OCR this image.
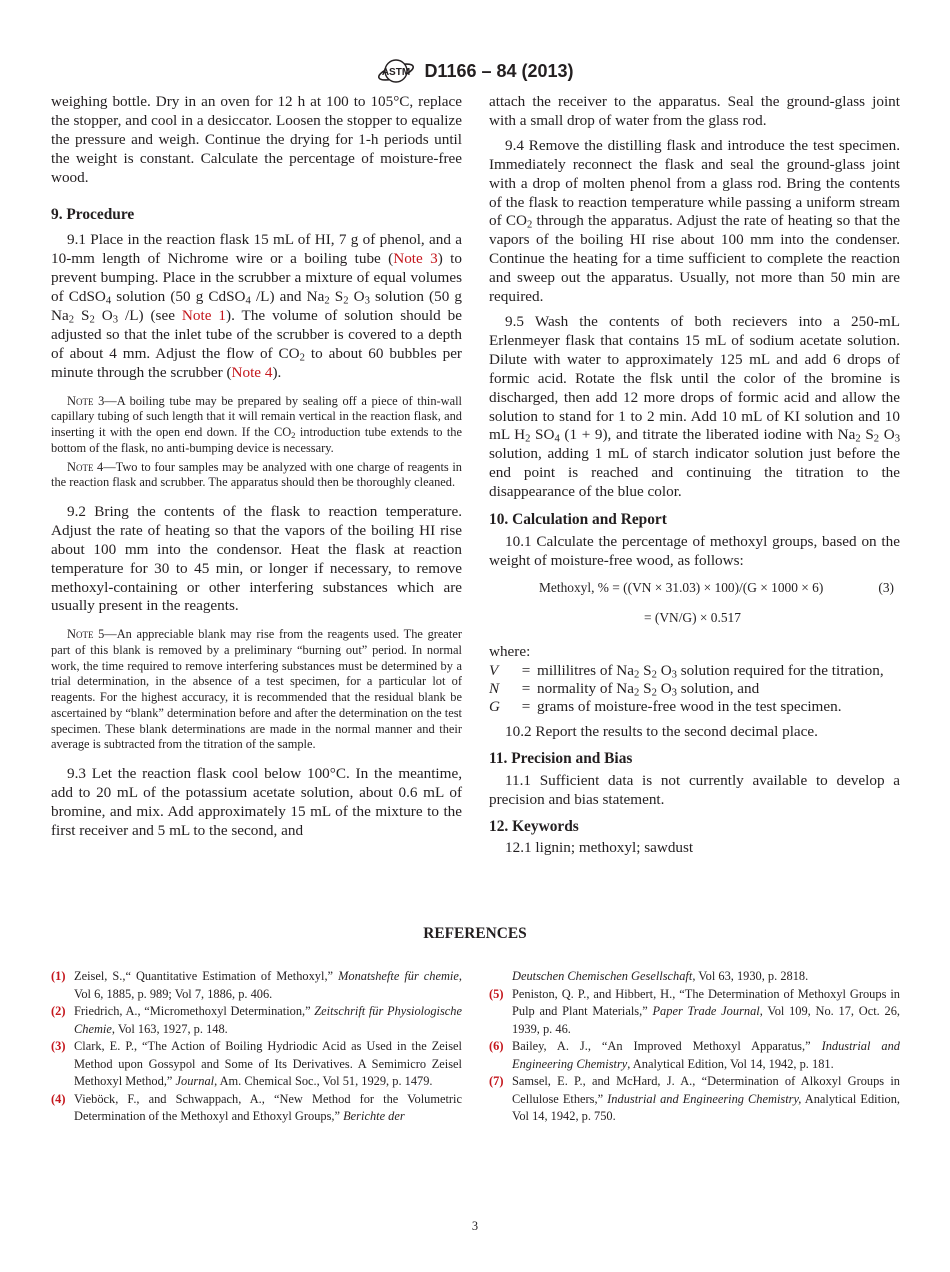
ASTM D1166 – 84 (2013)

weighing bottle. Dry in an oven for 12 h at 100 to 105°C, replace the stopper, and cool in a desiccator. Loosen the stopper to equalize the pressure and weigh. Continue the drying for 1-h periods until the weight is constant. Calculate the percentage of moisture-free wood.

9. Procedure

9.1 Place in the reaction flask 15 mL of HI, 7 g of phenol, and a 10-mm length of Nichrome wire or a boiling tube (Note 3) to prevent bumping. Place in the scrubber a mixture of equal volumes of CdSO$_4$ solution (50 g CdSO$_4$ /L) and $Na_2$ $S_2$ $O_3$ solution (50 g $Na_2$ $S_2$ $O_3$ /L) (see Note 1). The volume of solution should be adjusted so that the inlet tube of the scrubber is covered to a depth of about 4 mm. Adjust the flow of $CO_2$ to about 60 bubbles per minute through the scrubber (Note 4).

Note 3—A boiling tube may be prepared by sealing off a piece of thin-wall capillary tubing of such length that it will remain vertical in the reaction flask, and inserting it with the open end down. If the $CO_2$ introduction tube extends to the bottom of the flask, no anti-bumping device is necessary.

Note 4—Two to four samples may be analyzed with one charge of reagents in the reaction flask and scrubber. The apparatus should then be thoroughly cleaned.

9.2 Bring the contents of the flask to reaction temperature. Adjust the rate of heating so that the vapors of the boiling HI rise about 100 mm into the condensor. Heat the flask at reaction temperature for 30 to 45 min, or longer if necessary, to remove methoxyl-containing or other interfering substances which are usually present in the reagents.

Note 5—An appreciable blank may rise from the reagents used. The greater part of this blank is removed by a preliminary “burning out” period. In normal work, the time required to remove interfering substances must be determined by a trial determination, in the absence of a test specimen, for a particular lot of reagents. For the highest accuracy, it is recommended that the residual blank be ascertained by “blank” determination before and after the determination on the test specimen. These blank determinations are made in the normal manner and their average is subtracted from the titration of the sample.

9.3 Let the reaction flask cool below 100°C. In the meantime, add to 20 mL of the potassium acetate solution, about 0.6 mL of bromine, and mix. Add approximately 15 mL of the mixture to the first receiver and 5 mL to the second, and

attach the receiver to the apparatus. Seal the ground-glass joint with a small drop of water from the glass rod.

9.4 Remove the distilling flask and introduce the test specimen. Immediately reconnect the flask and seal the ground-glass joint with a drop of molten phenol from a glass rod. Bring the contents of the flask to reaction temperature while passing a uniform stream of $CO_2$ through the apparatus. Adjust the rate of heating so that the vapors of the boiling HI rise about 100 mm into the condenser. Continue the heating for a time sufficient to complete the reaction and sweep out the apparatus. Usually, not more than 50 min are required.

9.5 Wash the contents of both recievers into a 250-mL Erlenmeyer flask that contains 15 mL of sodium acetate solution. Dilute with water to approximately 125 mL and add 6 drops of formic acid. Rotate the flsk until the color of the bromine is discharged, then add 12 more drops of formic acid and allow the solution to stand for 1 to 2 min. Add 10 mL of KI solution and 10 mL $H_2$ $SO_4$ (1 + 9), and titrate the liberated iodine with $Na_2$ $S_2$ $O_3$ solution, adding 1 mL of starch indicator solution just before the end point is reached and continuing the titration to the disappearance of the blue color.

10. Calculation and Report

10.1 Calculate the percentage of methoxyl groups, based on the weight of moisture-free wood, as follows:

Methoxyl, % = ((VN × 31.03) × 100)/(G × 1000 × 6)	(3)
= (VN/G) × 0.517

where:

V	=	millilitres of $Na_2$ $S_2$ $O_3$ solution required for the titration,
N	=	normality of $Na_2$ $S_2$ $O_3$ solution, and
G	=	grams of moisture-free wood in the test specimen.

10.2 Report the results to the second decimal place.

11. Precision and Bias

11.1 Sufficient data is not currently available to develop a precision and bias statement.

12. Keywords

12.1 lignin; methoxyl; sawdust

REFERENCES
(1) Zeisel, S.,“ Quantitative Estimation of Methoxyl,” Monatshefte für chemie, Vol 6, 1885, p. 989; Vol 7, 1886, p. 406.
(2) Friedrich, A., “Micromethoxyl Determination,” Zeitschrift für Physiologische Chemie, Vol 163, 1927, p. 148.
(3) Clark, E. P., “The Action of Boiling Hydriodic Acid as Used in the Zeisel Method upon Gossypol and Some of Its Derivatives. A Semimicro Zeisel Methoxyl Method,” Journal, Am. Chemical Soc., Vol 51, 1929, p. 1479.
(4) Vieböck, F., and Schwappach, A., “New Method for the Volumetric Determination of the Methoxyl and Ethoxyl Groups,” Berichte der
Deutschen Chemischen Gesellschaft, Vol 63, 1930, p. 2818.
(5) Peniston, Q. P., and Hibbert, H., “The Determination of Methoxyl Groups in Pulp and Plant Materials,” Paper Trade Journal, Vol 109, No. 17, Oct. 26, 1939, p. 46.
(6) Bailey, A. J., “An Improved Methoxyl Apparatus,” Industrial and Engineering Chemistry, Analytical Edition, Vol 14, 1942, p. 181.
(7) Samsel, E. P., and McHard, J. A., “Determination of Alkoxyl Groups in Cellulose Ethers,” Industrial and Engineering Chemistry, Analytical Edition, Vol 14, 1942, p. 750.
3
